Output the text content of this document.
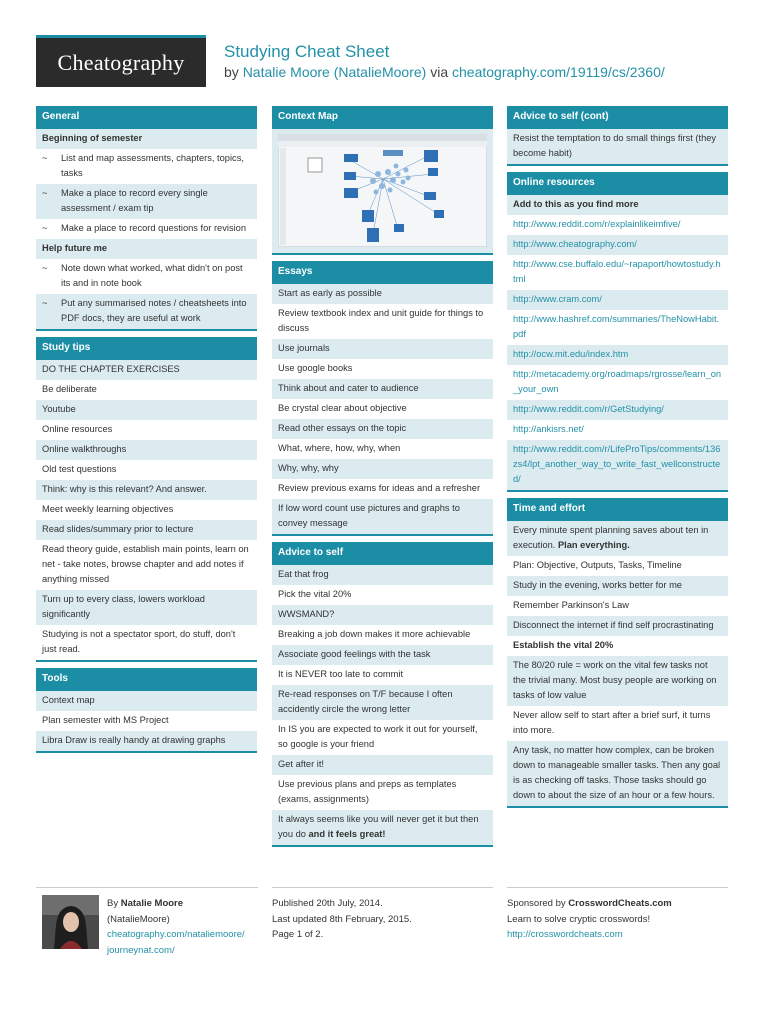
Cheatography	Studying Cheat Sheet
by Natalie Moore (NatalieMoore) via cheatography.com/19119/cs/2360/
General
Beginning of semester
~ List and map assessments, chapters, topics, tasks
~ Make a place to record every single assessment / exam tip
~ Make a place to record questions for revision
Help future me
~ Note down what worked, what didn't on post its and in note book
~ Put any summarised notes / cheatsheets into PDF docs, they are useful at work
Study tips
DO THE CHAPTER EXERCISES
Be deliberate
Youtube
Online resources
Online walkthroughs
Old test questions
Think: why is this relevant? And answer.
Meet weekly learning objectives
Read slides/summary prior to lecture
Read theory guide, establish main points, learn on net - take notes, browse chapter and add notes if anything missed
Turn up to every class, lowers workload significantly
Studying is not a spectator sport, do stuff, don't just read.
Tools
Context map
Plan semester with MS Project
Libra Draw is really handy at drawing graphs
Context Map
Essays
Start as early as possible
Review textbook index and unit guide for things to discuss
Use journals
Use google books
Think about and cater to audience
Be crystal clear about objective
Read other essays on the topic
What, where, how, why, when
Why, why, why
Review previous exams for ideas and a refresher
If low word count use pictures and graphs to convey message
Advice to self
Eat that frog
Pick the vital 20%
WWSMAND?
Breaking a job down makes it more achievable
Associate good feelings with the task
It is NEVER too late to commit
Re-read responses on T/F because I often accidently circle the wrong letter
In IS you are expected to work it out for yourself, so google is your friend
Get after it!
Use previous plans and preps as templates (exams, assignments)
It always seems like you will never get it but then you do and it feels great!
Advice to self (cont)
Resist the temptation to do small things first (they become habit)
Online resources
Add to this as you find more
http://www.reddit.com/r/explainlikeimfive/
http://www.cheatography.com/
http://www.cse.buffalo.edu/~rapaport/howtostudy.html
http://www.cram.com/
http://www.hashref.com/summaries/TheNowHabit.pdf
http://ocw.mit.edu/index.htm
http://metacademy.org/roadmaps/rgrosse/learn_on_your_own
http://www.reddit.com/r/GetStudying/
http://ankisrs.net/
http://www.reddit.com/r/LifeProTips/comments/136zs4/lpt_another_way_to_write_fast_wellconstructed/
Time and effort
Every minute spent planning saves about ten in execution. Plan everything.
Plan: Objective, Outputs, Tasks, Timeline
Study in the evening, works better for me
Remember Parkinson's Law
Disconnect the internet if find self procrastinating
Establish the vital 20%
The 80/20 rule = work on the vital few tasks not the trivial many. Most busy people are working on tasks of low value
Never allow self to start after a brief surf, it turns into more.
Any task, no matter how complex, can be broken down to manageable smaller tasks. Then any goal is as checking off tasks. Those tasks should go down to about the size of an hour or a few hours.
By Natalie Moore
(NatalieMoore)
cheatography.com/nataliemoore/
journeynat.com/
Published 20th July, 2014.
Last updated 8th February, 2015.
Page 1 of 2.
Sponsored by CrosswordCheats.com
Learn to solve cryptic crosswords!
http://crosswordcheats.com
